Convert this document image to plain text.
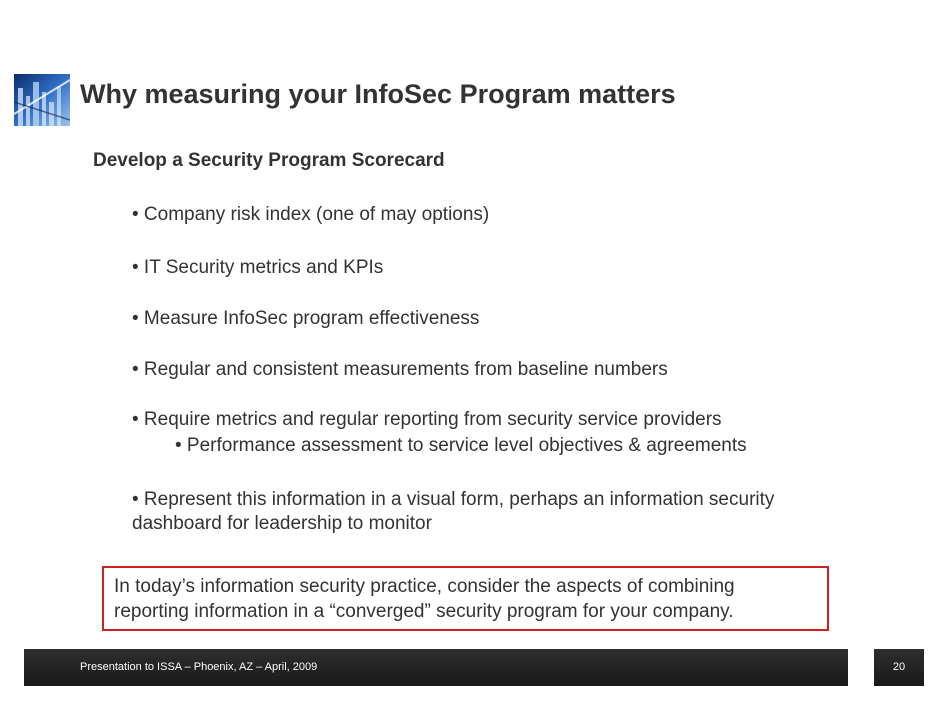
Why measuring your InfoSec Program matters
Develop a Security Program Scorecard
• Company risk index (one of may options)
• IT Security metrics and KPIs
• Measure InfoSec program effectiveness
• Regular and consistent measurements from baseline numbers
• Require metrics and regular reporting from security service providers
• Performance assessment to service level objectives & agreements
• Represent this information in a visual form, perhaps an information security
dashboard for leadership to monitor
In today’s information security practice, consider the aspects of combining
reporting information in a “converged” security program for your company.
Presentation to ISSA – Phoenix, AZ – April, 2009	20
